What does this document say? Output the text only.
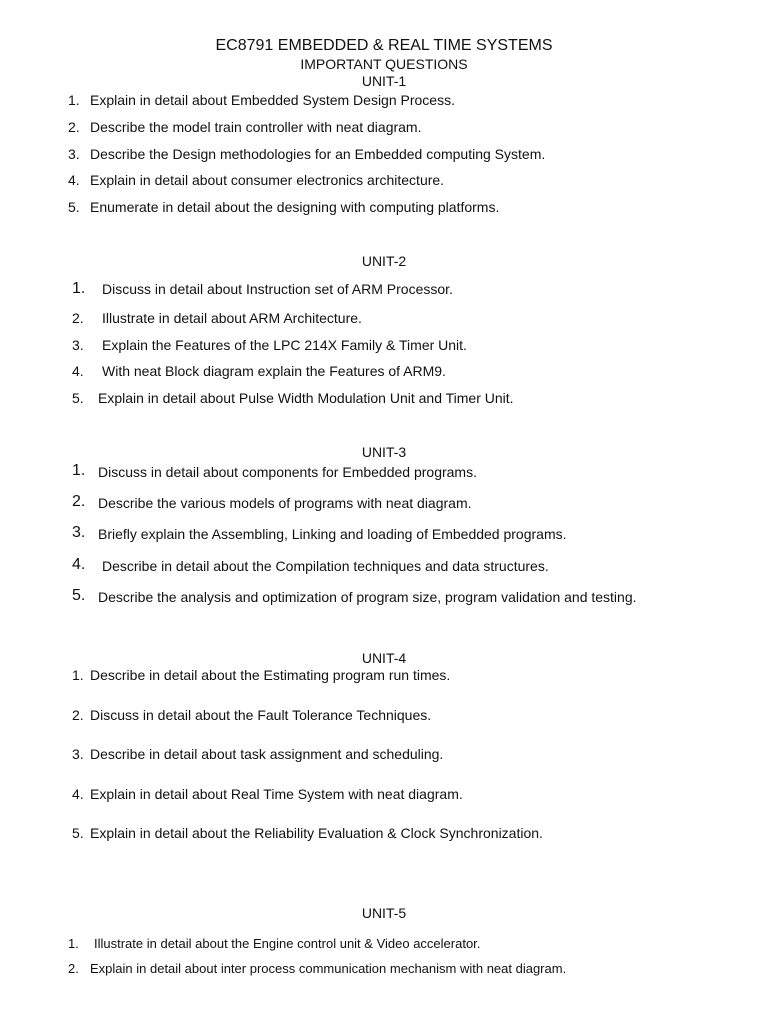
EC8791 EMBEDDED & REAL TIME SYSTEMS
IMPORTANT QUESTIONS
UNIT-1
1. Explain in detail about Embedded System Design Process.
2. Describe the model train controller with neat diagram.
3. Describe the Design methodologies for an Embedded computing System.
4. Explain in detail about consumer electronics architecture.
5. Enumerate in detail about the designing with computing platforms.
UNIT-2
1. Discuss in detail about Instruction set of ARM Processor.
2. Illustrate in detail about ARM Architecture.
3. Explain the Features of the LPC 214X Family & Timer Unit.
4. With neat Block diagram explain the Features of ARM9.
5. Explain in detail about Pulse Width Modulation Unit and Timer Unit.
UNIT-3
1. Discuss in detail about components for Embedded programs.
2. Describe the various models of programs with neat diagram.
3. Briefly explain the Assembling, Linking and loading of Embedded programs.
4. Describe in detail about the Compilation techniques and data structures.
5. Describe the analysis and optimization of program size, program validation and testing.
UNIT-4
1. Describe in detail about the Estimating program run times.
2. Discuss in detail about the Fault Tolerance Techniques.
3. Describe in detail about task assignment and scheduling.
4. Explain in detail about Real Time System with neat diagram.
5. Explain in detail about the Reliability Evaluation & Clock Synchronization.
UNIT-5
1. Illustrate in detail about the Engine control unit & Video accelerator.
2. Explain in detail about inter process communication mechanism with neat diagram.
